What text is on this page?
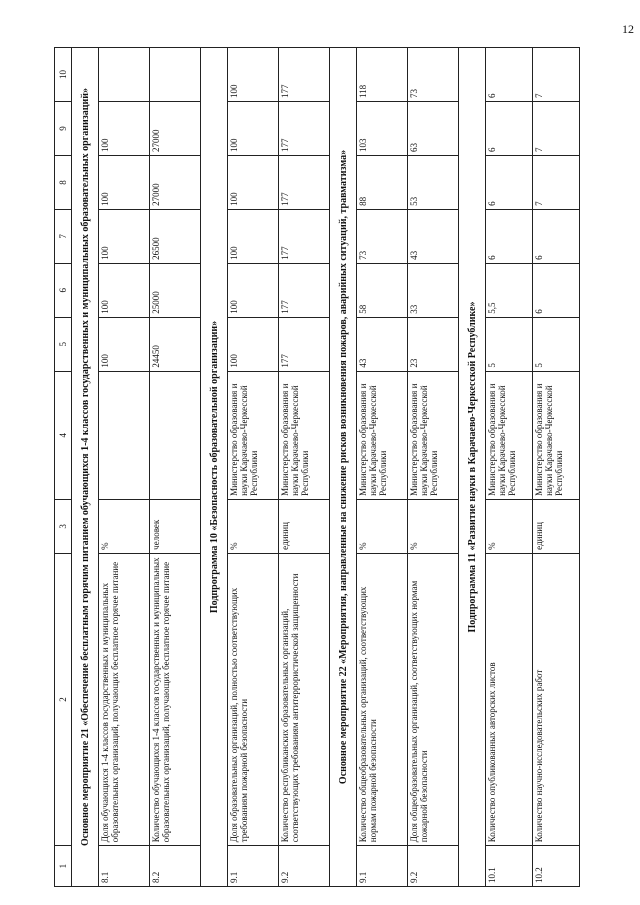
12
1	2	3	4	5	6	7	8	9	10
Основное мероприятие 21 «Обеспечение бесплатным горячим питанием обучающихся 1-4 классов государственных и муниципальных образовательных организаций»									
8.1	Доля обучающихся 1-4 классов государственных и муниципальных образовательных организаций, получающих бесплатное горячее питание	%		100	100	100	100	100	
8.2	Количество обучающихся 1-4 классов государственных и муниципальных образовательных организаций, получающих бесплатное горячее питание	человек		24450	25000	26500	27000	27000	
Подпрограмма 10 «Безопасность образовательной организации»									
9.1	Доля образовательных организаций, полностью соответствующих требованиям пожарной безопасности	%	Министерство образования и науки Карачаево-Черкесской Республики	100	100	100	100	100	100
9.2	Количество республиканских образовательных организаций, соответствующих требованиям антитеррористической защищенности	единиц	Министерство образования и науки Карачаево-Черкесской Республики	177	177	177	177	177	177
Основное мероприятие 22 «Мероприятия, направленные на снижение рисков возникновения пожаров, аварийных ситуаций, травматизма»									
9.1	Количество общеобразовательных организаций, соответствующих нормам пожарной безопасности	%	Министерство образования и науки Карачаево-Черкесской Республики	43	58	73	88	103	118
9.2	Доля общеобразовательных организаций, соответствующих нормам пожарной безопасности	%	Министерство образования и науки Карачаево-Черкесской Республики	23	33	43	53	63	73
Подпрограмма 11 «Развитие науки в Карачаево-Черкесской Республике»									
10.1	Количество опубликованных авторских листов	%	Министерство образования и науки Карачаево-Черкесской Республики	5	5,5	6	6	6	6
10.2	Количество научно-исследовательских работ	единиц	Министерство образования и науки Карачаево-Черкесской Республики	5	6	6	7	7	7
